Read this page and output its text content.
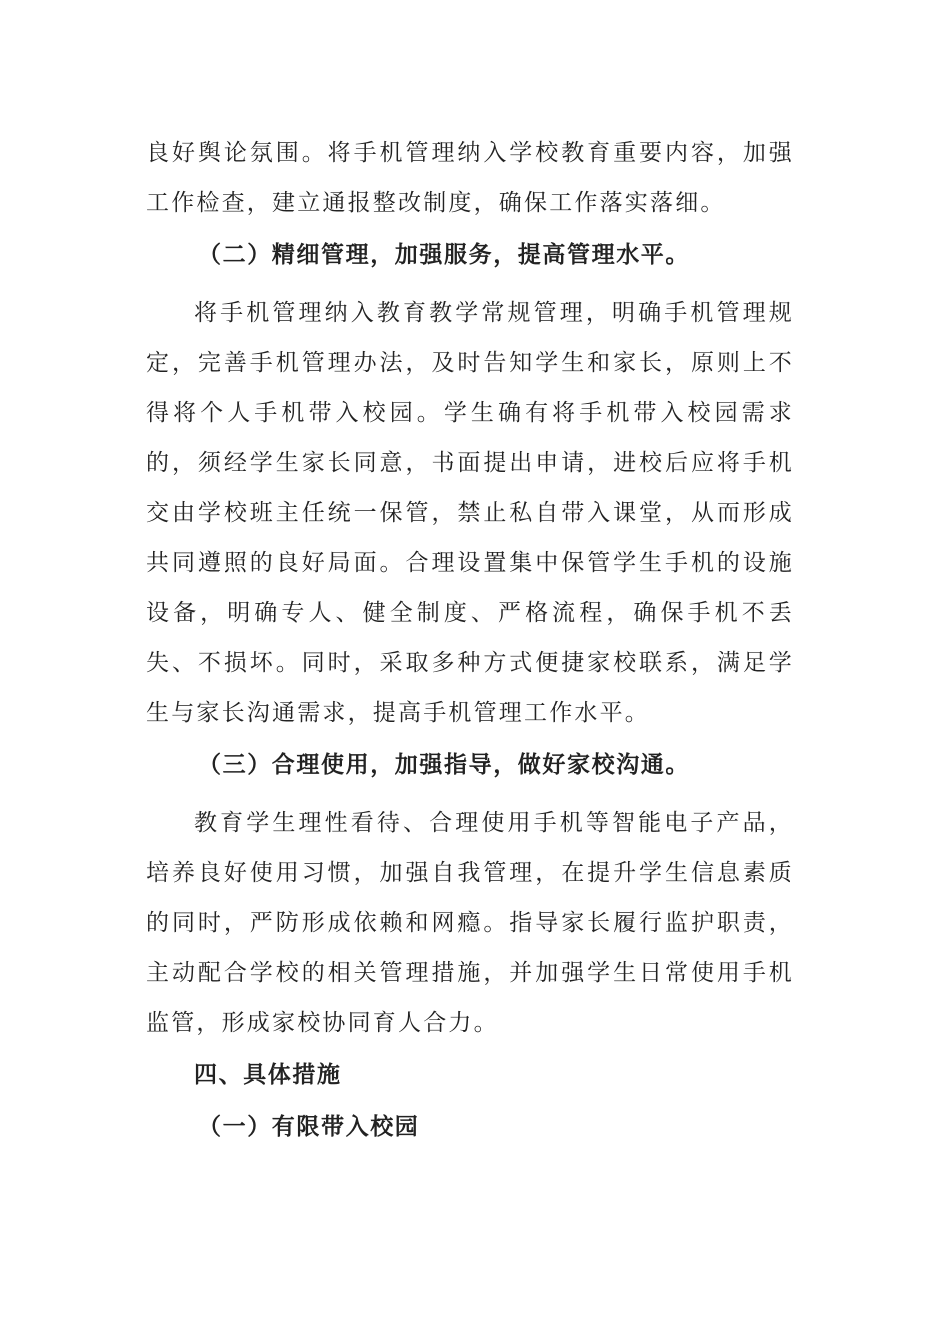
良好舆论氛围。将手机管理纳入学校教育重要内容，加强工作检查，建立通报整改制度，确保工作落实落细。

（二）精细管理，加强服务，提高管理水平。

将手机管理纳入教育教学常规管理，明确手机管理规定，完善手机管理办法，及时告知学生和家长，原则上不得将个人手机带入校园。学生确有将手机带入校园需求的，须经学生家长同意，书面提出申请，进校后应将手机交由学校班主任统一保管，禁止私自带入课堂，从而形成共同遵照的良好局面。合理设置集中保管学生手机的设施设备，明确专人、健全制度、严格流程，确保手机不丢失、不损坏。同时，采取多种方式便捷家校联系，满足学生与家长沟通需求，提高手机管理工作水平。

（三）合理使用，加强指导，做好家校沟通。

教育学生理性看待、合理使用手机等智能电子产品，培养良好使用习惯，加强自我管理，在提升学生信息素质的同时，严防形成依赖和网瘾。指导家长履行监护职责，主动配合学校的相关管理措施，并加强学生日常使用手机监管，形成家校协同育人合力。

四、具体措施

（一）有限带入校园
